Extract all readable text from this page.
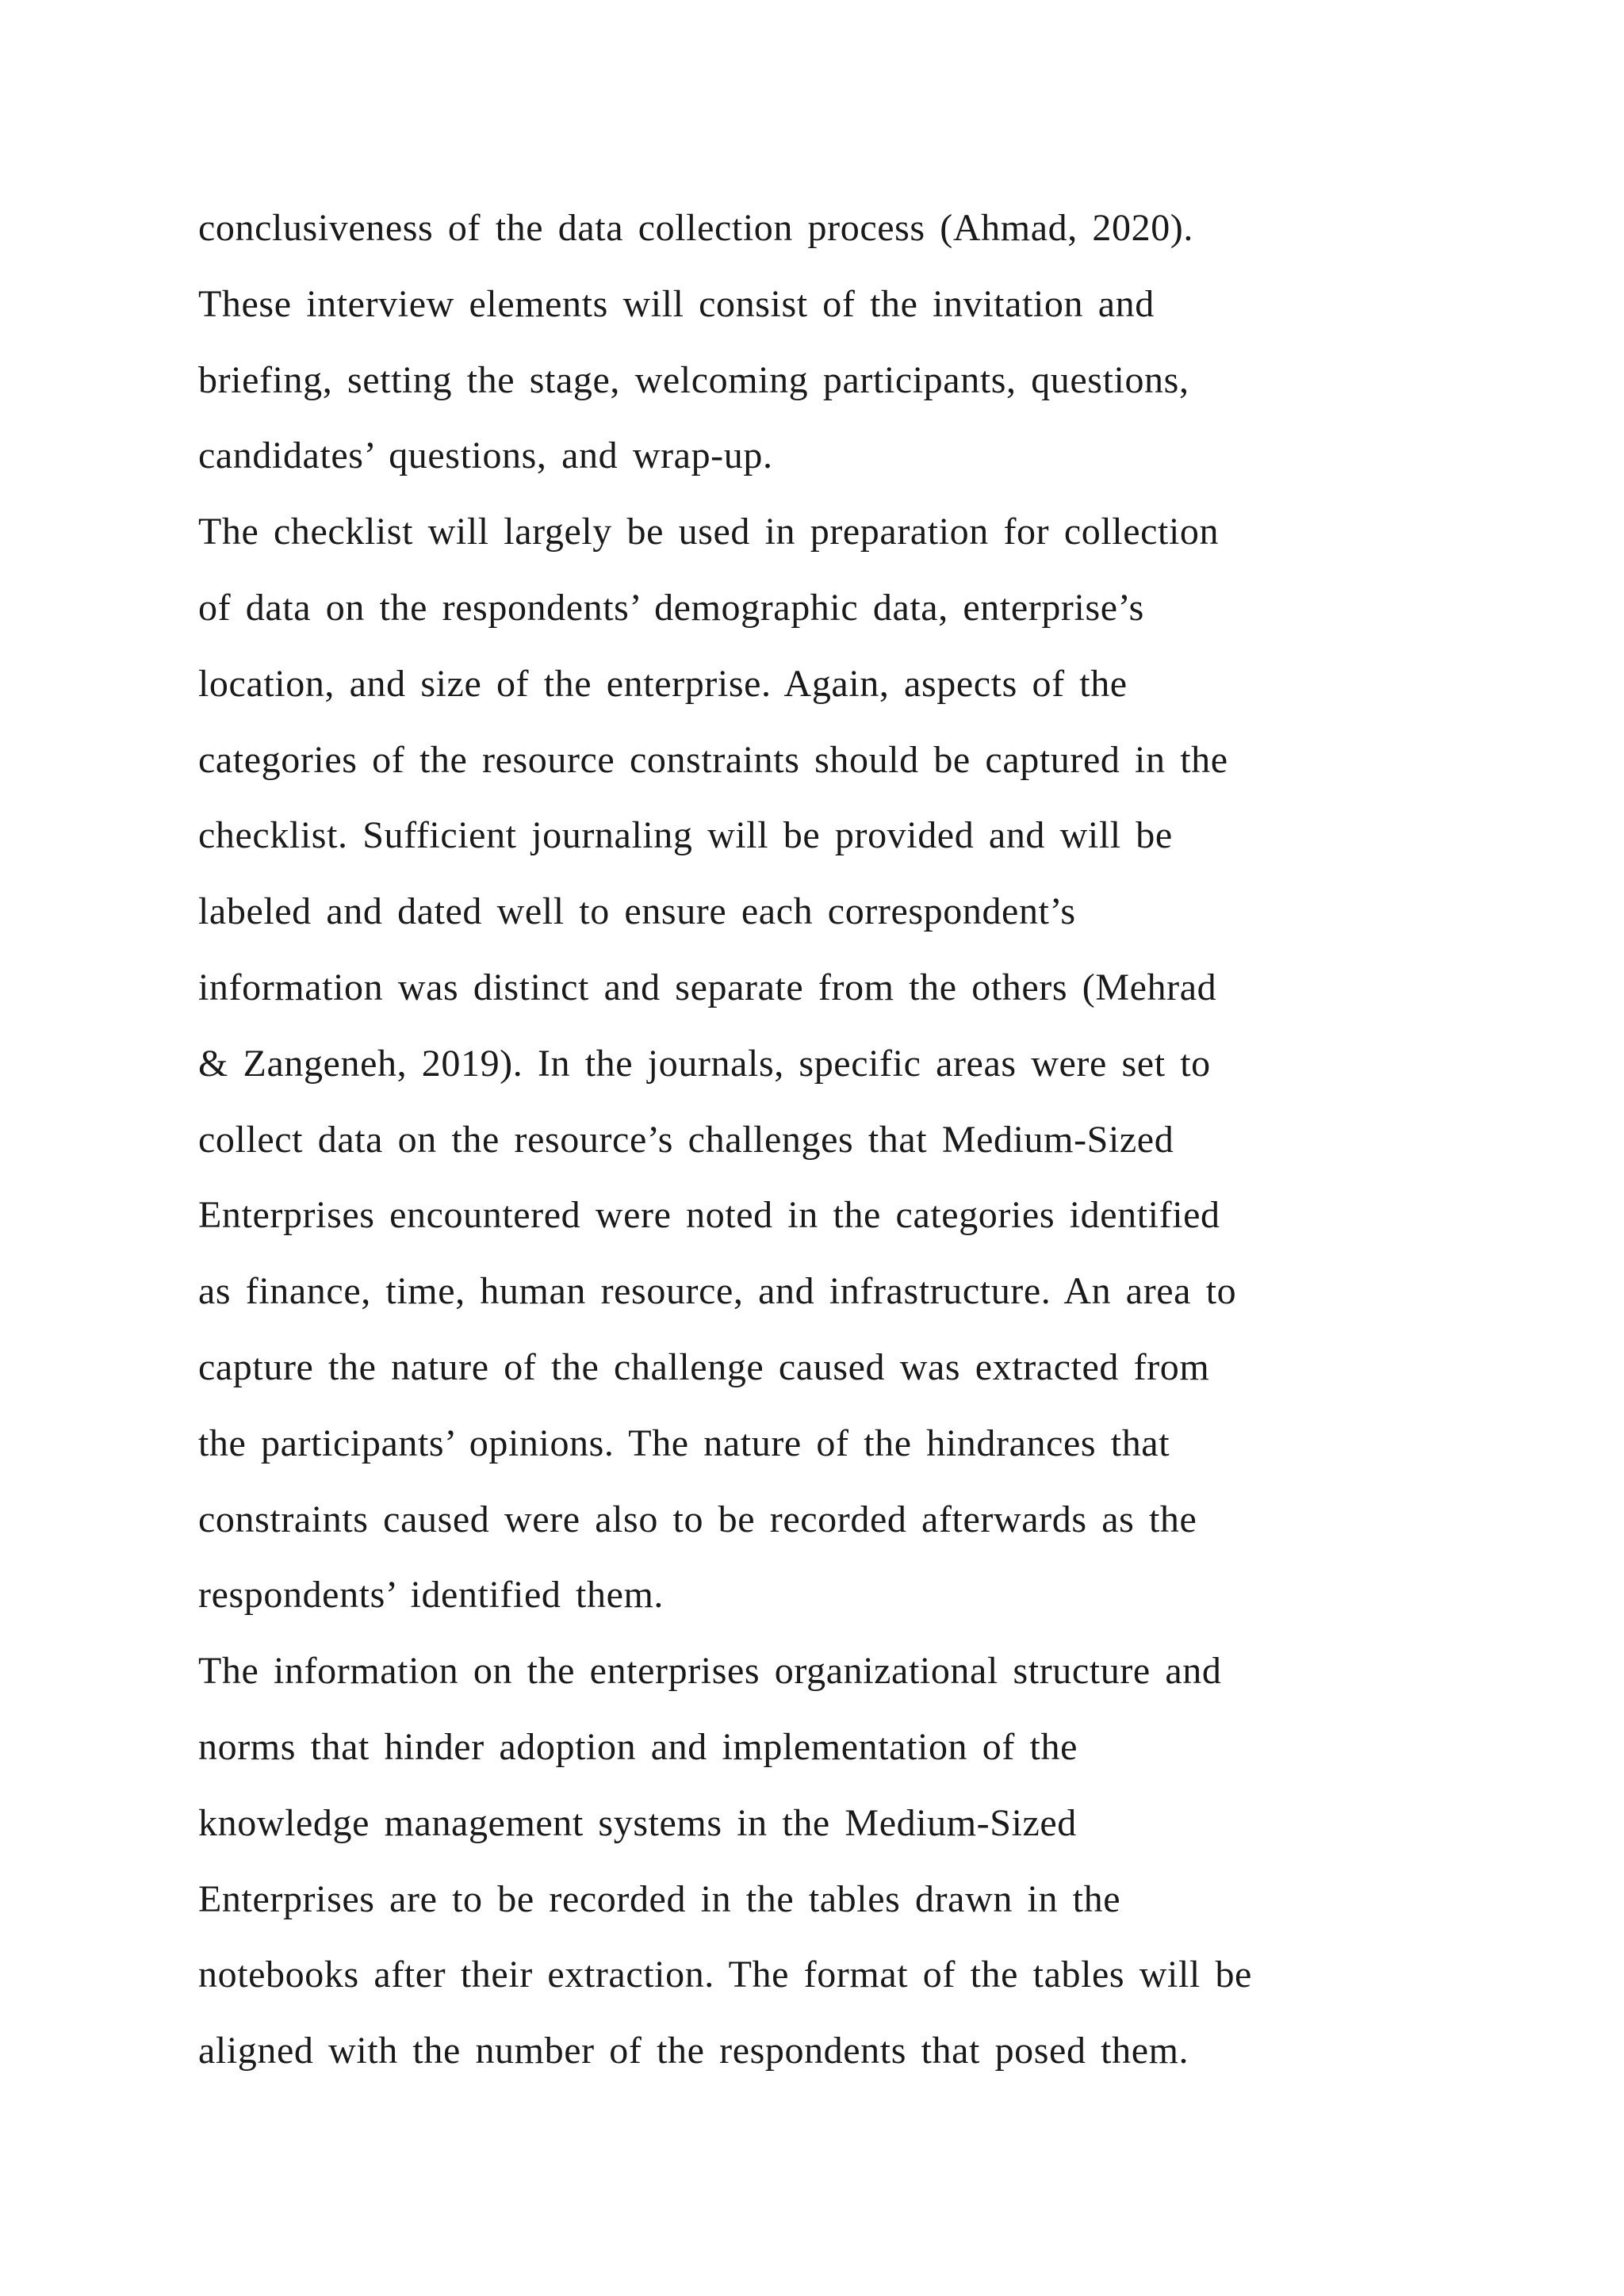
conclusiveness of the data collection process (Ahmad, 2020).
These interview elements will consist of the invitation and
briefing, setting the stage, welcoming participants, questions,
candidates’ questions, and wrap-up.
The checklist will largely be used in preparation for collection
of data on the respondents’ demographic data, enterprise’s
location, and size of the enterprise. Again, aspects of the
categories of the resource constraints should be captured in the
checklist. Sufficient journaling will be provided and will be
labeled and dated well to ensure each correspondent’s
information was distinct and separate from the others (Mehrad
& Zangeneh, 2019). In the journals, specific areas were set to
collect data on the resource’s challenges that Medium-Sized
Enterprises encountered were noted in the categories identified
as finance, time, human resource, and infrastructure. An area to
capture the nature of the challenge caused was extracted from
the participants’ opinions. The nature of the hindrances that
constraints caused were also to be recorded afterwards as the
respondents’ identified them.
The information on the enterprises organizational structure and
norms that hinder adoption and implementation of the
knowledge management systems in the Medium-Sized
Enterprises are to be recorded in the tables drawn in the
notebooks after their extraction. The format of the tables will be
aligned with the number of the respondents that posed them.
